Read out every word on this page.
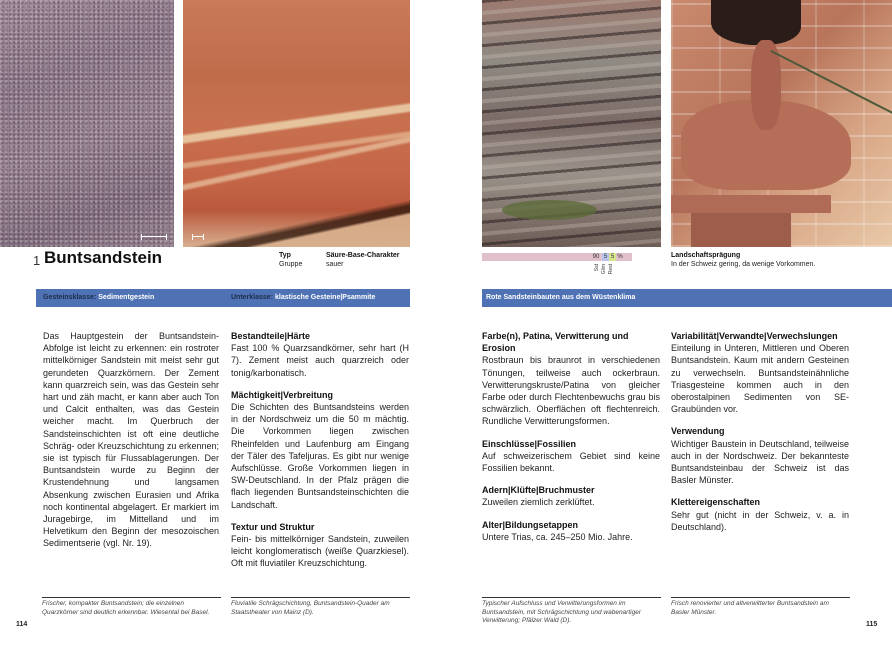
1 Buntsandstein	Typ
Gruppe
Säure-Base-Charakter
sauer
Gesteinsklasse: Sedimentgestein	Unterklasse: klastische Gesteine|Psammite
Das Hauptgestein der Buntsandstein-Abfolge ist leicht zu erkennen: ein rostroter mittelkörniger Sandstein mit meist sehr gut gerundeten Quarzkörnern. Der Zement kann quarzreich sein, was das Gestein sehr hart und zäh macht, er kann aber auch Ton und Calcit enthalten, was das Gestein weicher macht. Im Querbruch der Sandsteinschichten ist oft eine deutliche Schräg- oder Kreuzschichtung zu erkennen; sie ist typisch für Flussablagerungen. Der Buntsandstein wurde zu Beginn der Krustendehnung und langsamen Absenkung zwischen Eurasien und Afrika noch kontinental abgelagert. Er markiert im Juragebirge, im Mittelland und im Helvetikum den Beginn der mesozoischen Sedimentserie (vgl. Nr. 19).
Bestandteile|Härte
Fast 100 % Quarzsandkörner, sehr hart (H 7). Zement meist auch quarzreich oder tonig/karbonatisch.
Mächtigkeit|Verbreitung
Die Schichten des Buntsandsteins werden in der Nordschweiz um die 50 m mächtig. Die Vorkommen liegen zwischen Rheinfelden und Laufenburg am Eingang der Täler des Tafeljuras. Es gibt nur wenige Aufschlüsse. Große Vorkommen liegen in SW-Deutschland. In der Pfalz prägen die flach liegenden Buntsandsteinschichten die Landschaft.
Textur und Struktur
Fein- bis mittelkörniger Sandstein, zuweilen leicht konglomeratisch (weiße Quarzkiesel). Oft mit fluviatiler Kreuzschichtung.
Frischer, kompakter Buntsandstein; die einzelnen Quarzkörner sind deutlich erkennbar. Wiesental bei Basel.
Fluviatile Schrägschichtung, Buntsandstein-Quader am Staatstheater von Mainz (D).
114
90 5 5 %
Sst Glim Rest
Landschaftsprägung
In der Schweiz gering, da wenige Vorkommen.
Rote Sandsteinbauten aus dem Wüstenklima
Farbe(n), Patina, Verwitterung und Erosion
Rostbraun bis braunrot in verschiedenen Tönungen, teilweise auch ockerbraun. Verwitterungskruste/Patina von gleicher Farbe oder durch Flechtenbewuchs grau bis schwärzlich. Oberflächen oft flechtenreich. Rundliche Verwitterungsformen.
Einschlüsse|Fossilien
Auf schweizerischem Gebiet sind keine Fossilien bekannt.
Adern|Klüfte|Bruchmuster
Zuweilen ziemlich zerklüftet.
Alter|Bildungsetappen
Untere Trias, ca. 245–250 Mio. Jahre.
Variabilität|Verwandte|Verwechslungen
Einteilung in Unteren, Mittleren und Oberen Buntsandstein. Kaum mit andern Gesteinen zu verwechseln. Buntsandsteinähnliche Triasgesteine kommen auch in den oberostalpinen Sedimenten von SE-Graubünden vor.
Verwendung
Wichtiger Baustein in Deutschland, teilweise auch in der Nordschweiz. Der bekannteste Buntsandsteinbau der Schweiz ist das Basler Münster.
Klettereigenschaften
Sehr gut (nicht in der Schweiz, v. a. in Deutschland).
Typischer Aufschluss und Verwitterungsformen im Buntsandstein, mit Schrägschichtung und wabenartiger Verwitterung; Pfälzer Wald (D).
Frisch renovierter und altverwitterter Buntsandstein am Basler Münster.
115
